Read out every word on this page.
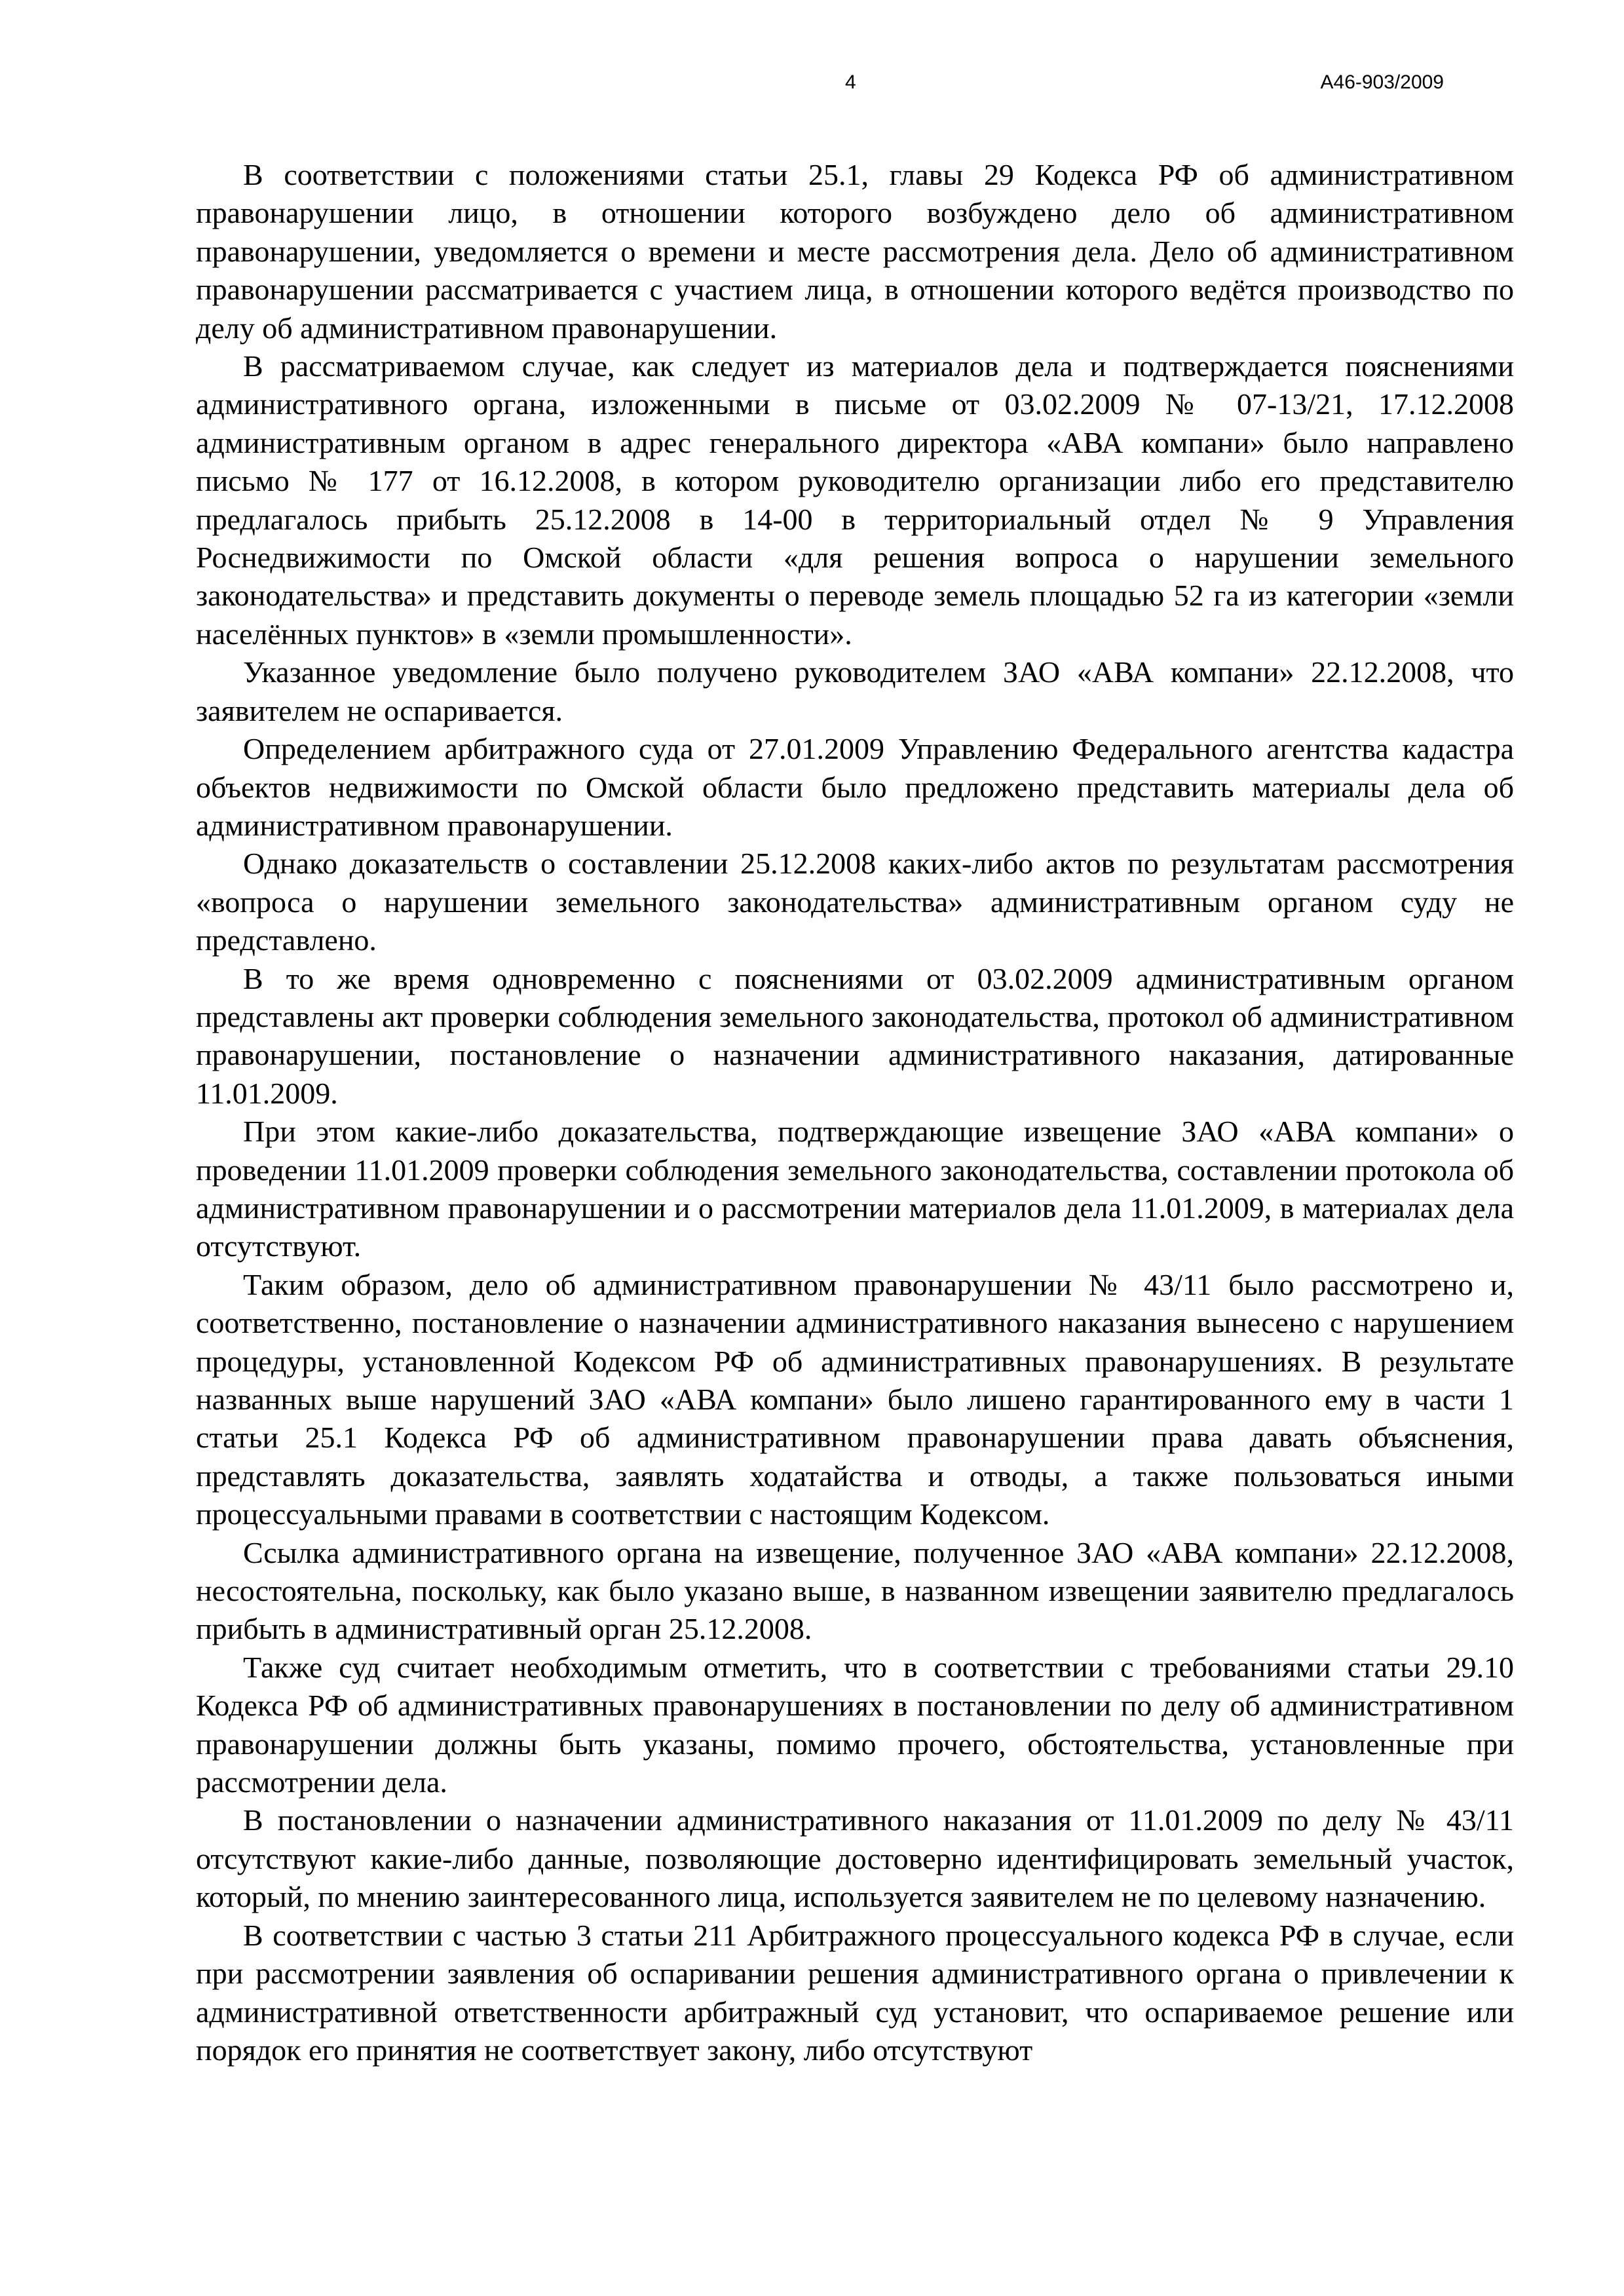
4	А46-903/2009

В соответствии с положениями статьи 25.1, главы 29 Кодекса РФ об административном правонарушении лицо, в отношении которого возбуждено дело об административном правонарушении, уведомляется о времени и месте рассмотрения дела. Дело об административном правонарушении рассматривается с участием лица, в отношении которого ведётся производство по делу об административном правонарушении.

В рассматриваемом случае, как следует из материалов дела и подтверждается пояснениями административного органа, изложенными в письме от 03.02.2009 № 07-13/21, 17.12.2008 административным органом в адрес генерального директора «АВА компани» было направлено письмо № 177 от 16.12.2008, в котором руководителю организации либо его представителю предлагалось прибыть 25.12.2008 в 14-00 в территориальный отдел № 9 Управления Роснедвижимости по Омской области «для решения вопроса о нарушении земельного законодательства» и представить документы о переводе земель площадью 52 га из категории «земли населённых пунктов» в «земли промышленности».

Указанное уведомление было получено руководителем ЗАО «АВА компани» 22.12.2008, что заявителем не оспаривается.

Определением арбитражного суда от 27.01.2009 Управлению Федерального агентства кадастра объектов недвижимости по Омской области было предложено представить материалы дела об административном правонарушении.

Однако доказательств о составлении 25.12.2008 каких-либо актов по результатам рассмотрения «вопроса о нарушении земельного законодательства» административным органом суду не представлено.

В то же время одновременно с пояснениями от 03.02.2009 административным органом представлены акт проверки соблюдения земельного законодательства, протокол об административном правонарушении, постановление о назначении административного наказания, датированные 11.01.2009.

При этом какие-либо доказательства, подтверждающие извещение ЗАО «АВА компани» о проведении 11.01.2009 проверки соблюдения земельного законодательства, составлении протокола об административном правонарушении и о рассмотрении материалов дела 11.01.2009, в материалах дела отсутствуют.

Таким образом, дело об административном правонарушении № 43/11 было рассмотрено и, соответственно, постановление о назначении административного наказания вынесено с нарушением процедуры, установленной Кодексом РФ об административных правонарушениях. В результате названных выше нарушений ЗАО «АВА компани» было лишено гарантированного ему в части 1 статьи 25.1 Кодекса РФ об административном правонарушении права давать объяснения, представлять доказательства, заявлять ходатайства и отводы, а также пользоваться иными процессуальными правами в соответствии с настоящим Кодексом.

Ссылка административного органа на извещение, полученное ЗАО «АВА компани» 22.12.2008, несостоятельна, поскольку, как было указано выше, в названном извещении заявителю предлагалось прибыть в административный орган 25.12.2008.

Также суд считает необходимым отметить, что в соответствии с требованиями статьи 29.10 Кодекса РФ об административных правонарушениях в постановлении по делу об административном правонарушении должны быть указаны, помимо прочего, обстоятельства, установленные при рассмотрении дела.

В постановлении о назначении административного наказания от 11.01.2009 по делу № 43/11 отсутствуют какие-либо данные, позволяющие достоверно идентифицировать земельный участок, который, по мнению заинтересованного лица, используется заявителем не по целевому назначению.

В соответствии с частью 3 статьи 211 Арбитражного процессуального кодекса РФ в случае, если при рассмотрении заявления об оспаривании решения административного органа о привлечении к административной ответственности арбитражный суд установит, что оспариваемое решение или порядок его принятия не соответствует закону, либо отсутствуют
